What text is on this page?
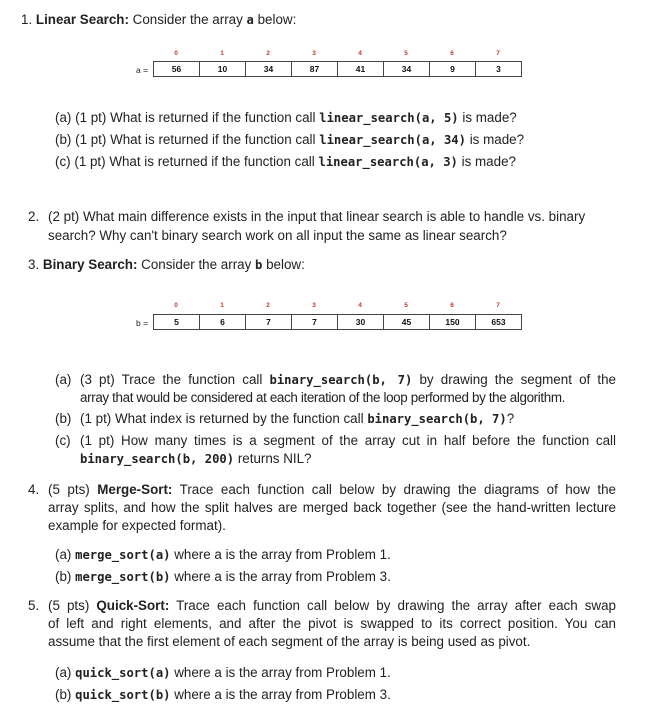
1. Linear Search: Consider the array a below:
a =
0	1	2	3	4	5	6	7
56	10	34	87	41	34	9	3
(a) (1 pt) What is returned if the function call linear_search(a, 5) is made?
(b) (1 pt) What is returned if the function call linear_search(a, 34) is made?
(c) (1 pt) What is returned if the function call linear_search(a, 3) is made?
2. (2 pt) What main difference exists in the input that linear search is able to handle vs. binary
search? Why can't binary search work on all input the same as linear search?
3. Binary Search: Consider the array b below:
b =
0	1	2	3	4	5	6	7
5	6	7	7	30	45	150	653
(a) (3 pt) Trace the function call binary_search(b, 7) by drawing the segment of the
array that would be considered at each iteration of the loop performed by the algorithm.
(b) (1 pt) What index is returned by the function call binary_search(b, 7)?
(c) (1 pt) How many times is a segment of the array cut in half before the function call
binary_search(b, 200) returns NIL?
4. (5 pts) Merge-Sort: Trace each function call below by drawing the diagrams of how the
array splits, and how the split halves are merged back together (see the hand-written lecture
example for expected format).
(a) merge_sort(a) where a is the array from Problem 1.
(b) merge_sort(b) where a is the array from Problem 3.
5. (5 pts) Quick-Sort: Trace each function call below by drawing the array after each swap
of left and right elements, and after the pivot is swapped to its correct position. You can
assume that the first element of each segment of the array is being used as pivot.
(a) quick_sort(a) where a is the array from Problem 1.
(b) quick_sort(b) where a is the array from Problem 3.
